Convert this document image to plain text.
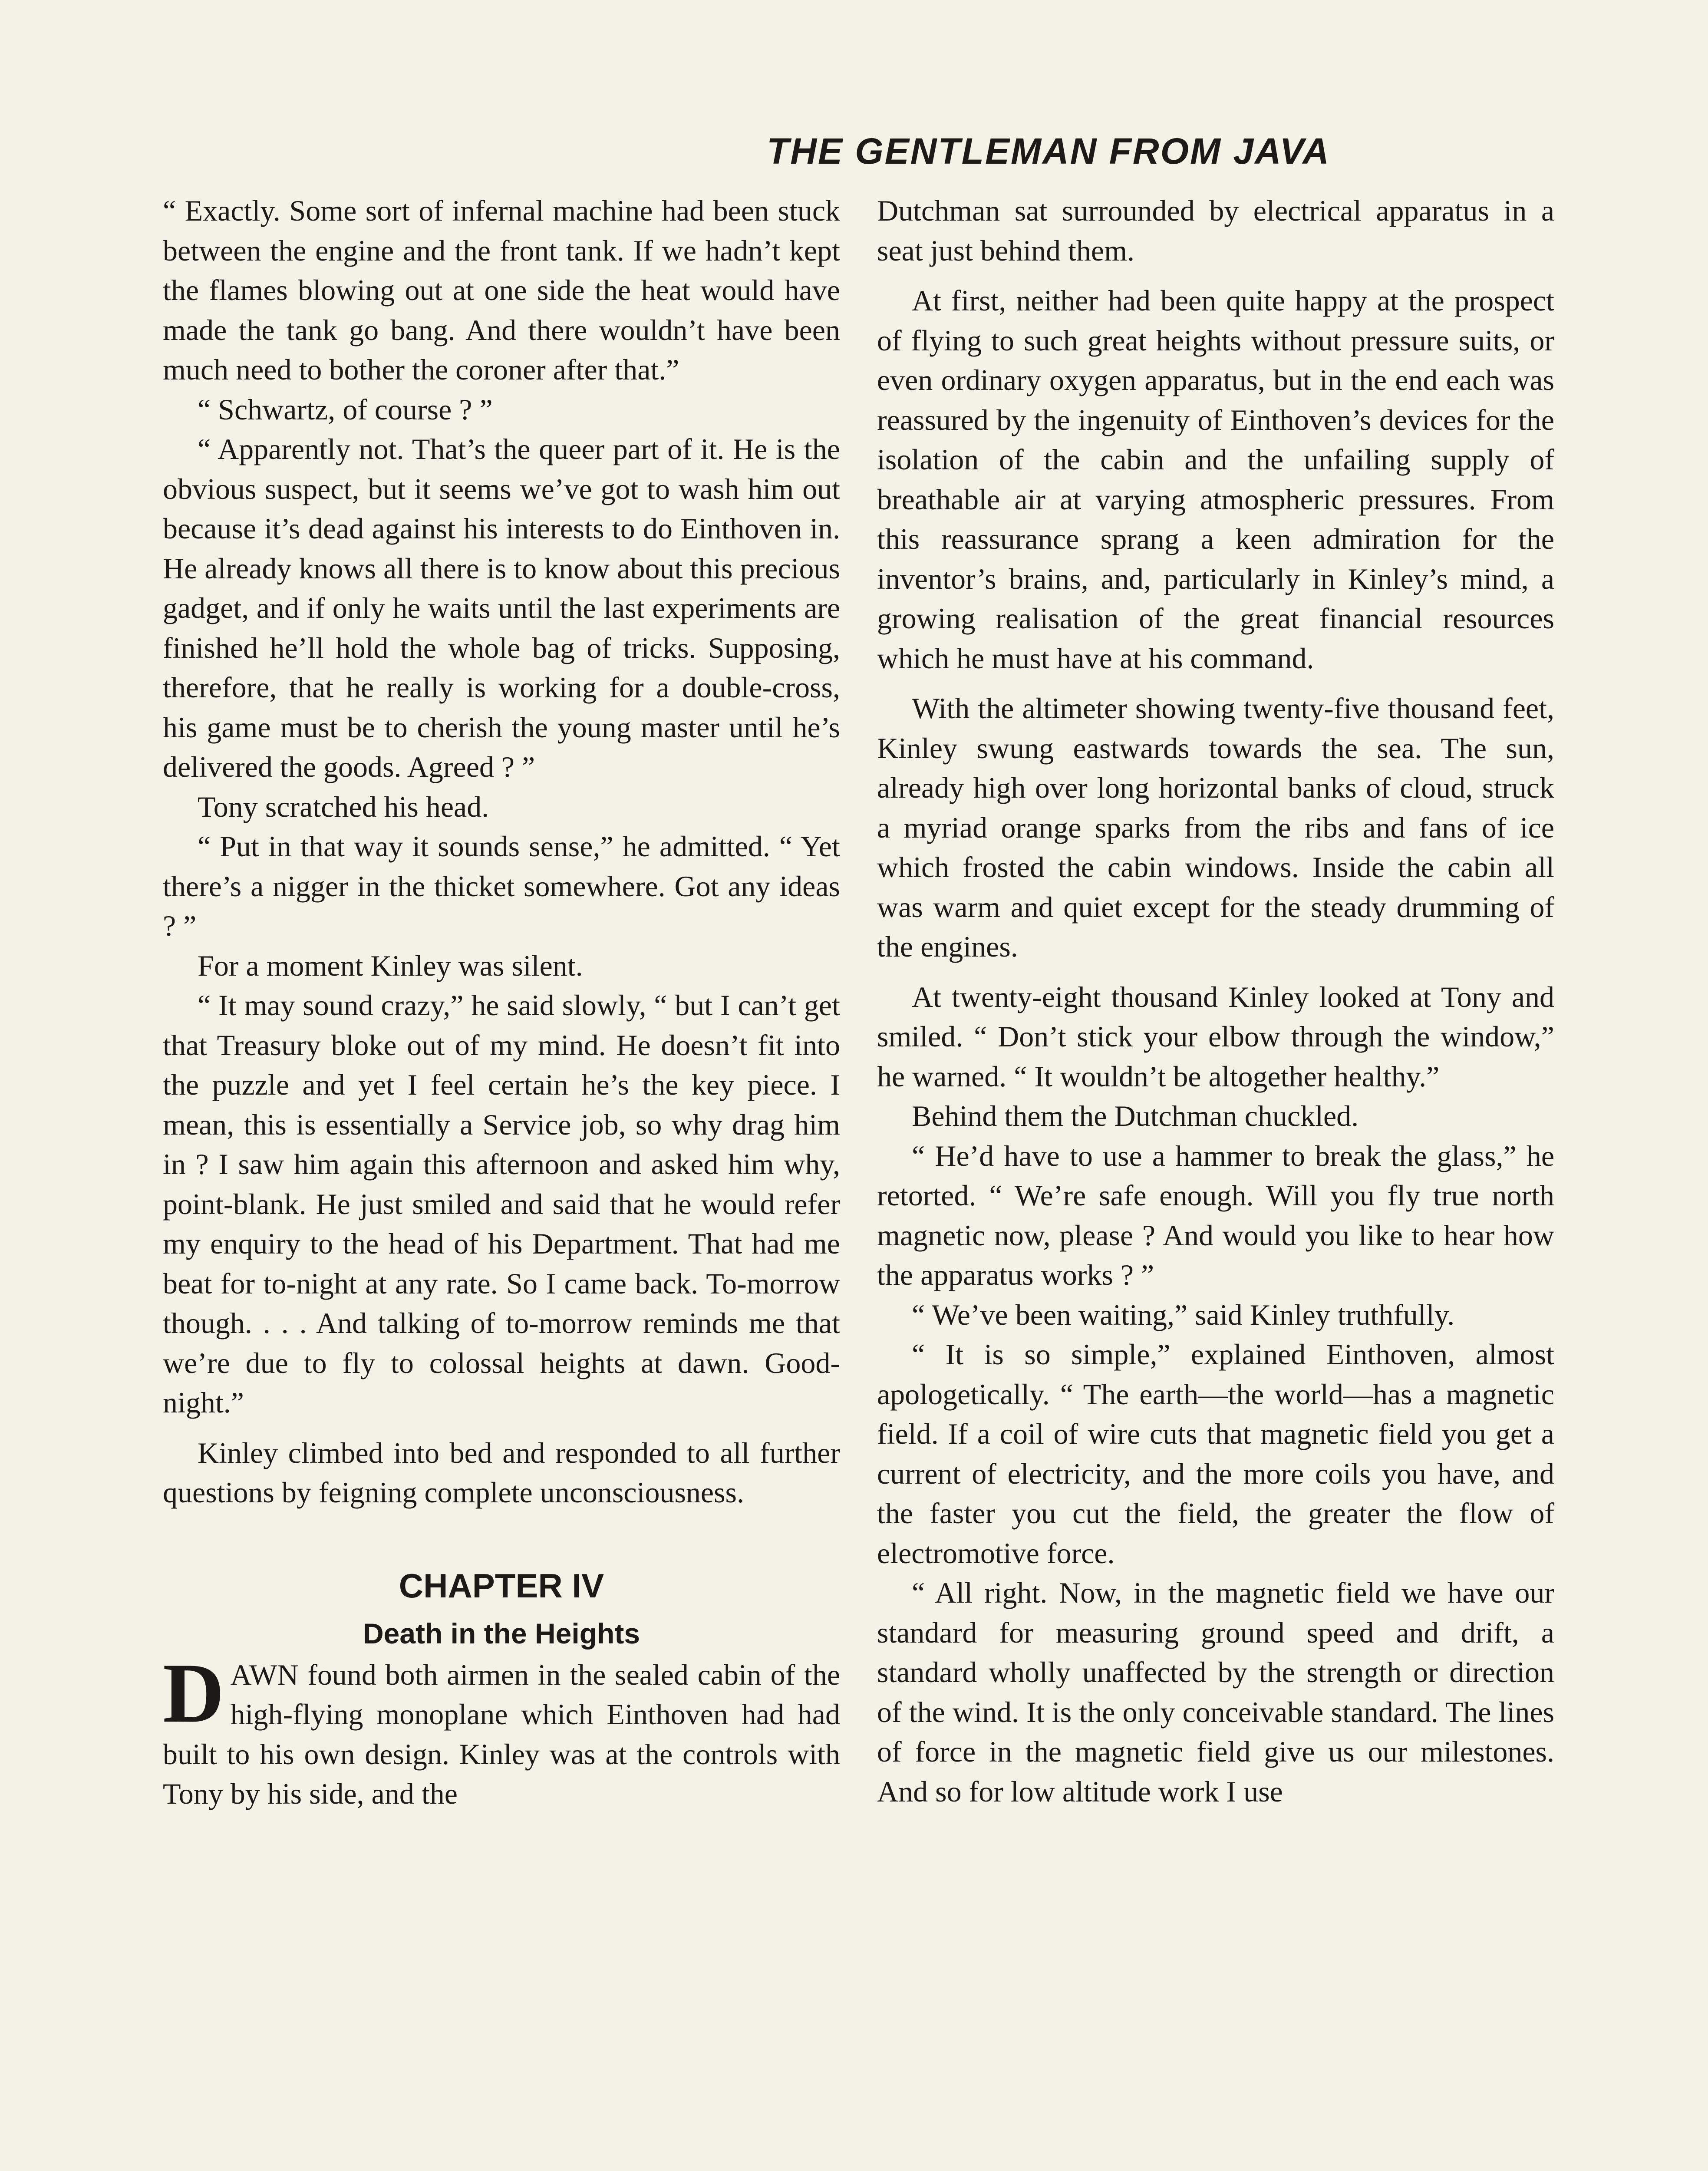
THE GENTLEMAN FROM JAVA

“ Exactly. Some sort of infernal machine had been stuck between the engine and the front tank. If we hadn’t kept the flames blowing out at one side the heat would have made the tank go bang. And there wouldn’t have been much need to bother the coroner after that.”

“ Schwartz, of course ? ”

“ Apparently not. That’s the queer part of it. He is the obvious suspect, but it seems we’ve got to wash him out because it’s dead against his interests to do Einthoven in. He already knows all there is to know about this precious gadget, and if only he waits until the last experiments are finished he’ll hold the whole bag of tricks. Supposing, therefore, that he really is working for a double-cross, his game must be to cherish the young master until he’s delivered the goods. Agreed ? ”

Tony scratched his head.

“ Put in that way it sounds sense,” he admitted. “ Yet there’s a nigger in the thicket somewhere. Got any ideas ? ”

For a moment Kinley was silent.

“ It may sound crazy,” he said slowly, “ but I can’t get that Treasury bloke out of my mind. He doesn’t fit into the puzzle and yet I feel certain he’s the key piece. I mean, this is essentially a Service job, so why drag him in ? I saw him again this afternoon and asked him why, point-blank. He just smiled and said that he would refer my enquiry to the head of his Department. That had me beat for to-night at any rate. So I came back. To-morrow though. . . . And talking of to-morrow reminds me that we’re due to fly to colossal heights at dawn. Good-night.”

Kinley climbed into bed and responded to all further questions by feigning complete unconsciousness.

CHAPTER IV
Death in the Heights

DAWN found both airmen in the sealed cabin of the high-flying monoplane which Einthoven had had built to his own design. Kinley was at the controls with Tony by his side, and the

Dutchman sat surrounded by electrical apparatus in a seat just behind them.

At first, neither had been quite happy at the prospect of flying to such great heights without pressure suits, or even ordinary oxygen apparatus, but in the end each was reassured by the ingenuity of Einthoven’s devices for the isolation of the cabin and the unfailing supply of breathable air at varying atmospheric pressures. From this reassurance sprang a keen admiration for the inventor’s brains, and, particularly in Kinley’s mind, a growing realisation of the great financial resources which he must have at his command.

With the altimeter showing twenty-five thousand feet, Kinley swung eastwards towards the sea. The sun, already high over long horizontal banks of cloud, struck a myriad orange sparks from the ribs and fans of ice which frosted the cabin windows. Inside the cabin all was warm and quiet except for the steady drumming of the engines.

At twenty-eight thousand Kinley looked at Tony and smiled. “ Don’t stick your elbow through the window,” he warned. “ It wouldn’t be altogether healthy.”

Behind them the Dutchman chuckled.

“ He’d have to use a hammer to break the glass,” he retorted. “ We’re safe enough. Will you fly true north magnetic now, please ? And would you like to hear how the apparatus works ? ”

“ We’ve been waiting,” said Kinley truthfully.

“ It is so simple,” explained Einthoven, almost apologetically. “ The earth—the world—has a magnetic field. If a coil of wire cuts that magnetic field you get a current of electricity, and the more coils you have, and the faster you cut the field, the greater the flow of electromotive force.

“ All right. Now, in the magnetic field we have our standard for measuring ground speed and drift, a standard wholly unaffected by the strength or direction of the wind. It is the only conceivable standard. The lines of force in the magnetic field give us our milestones. And so for low altitude work I use
